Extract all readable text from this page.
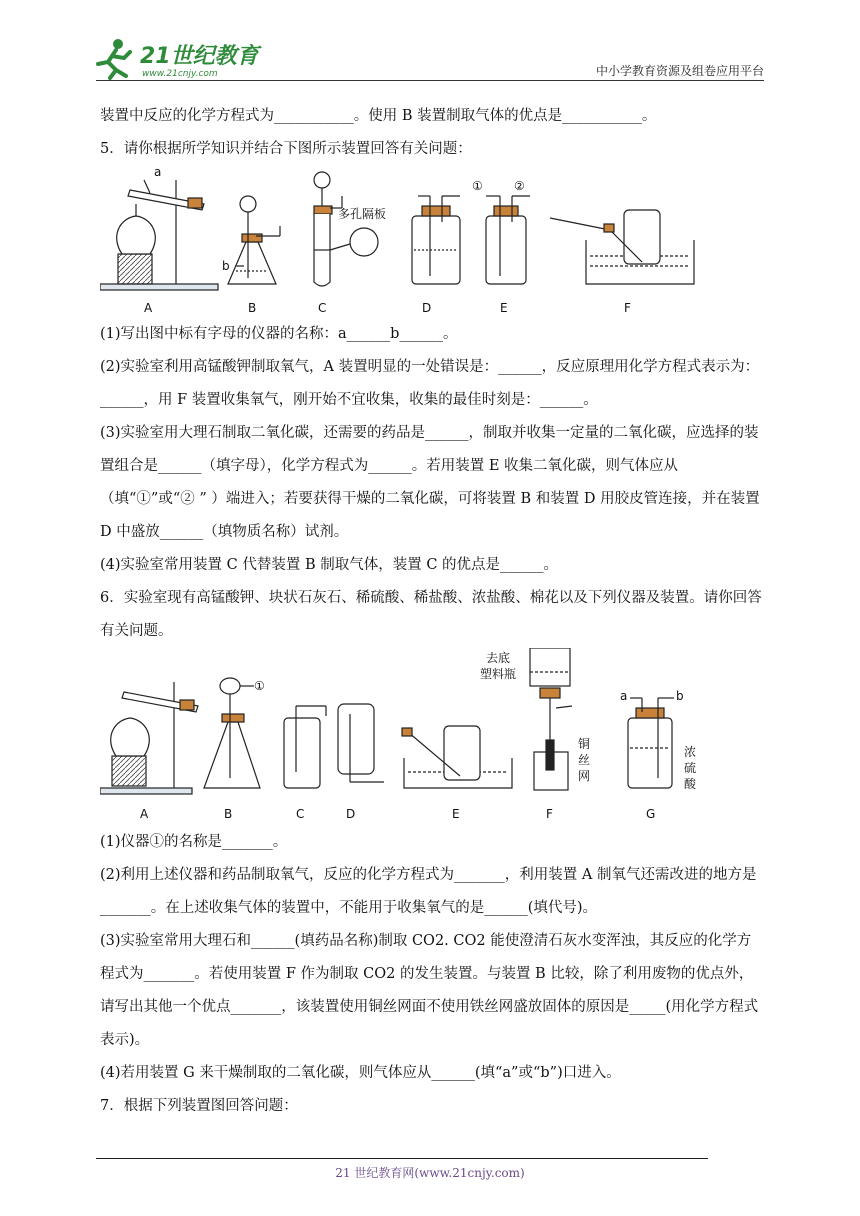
21世纪教育
www.21cnjy.com	中小学教育资源及组卷应用平台

装置中反应的化学方程式为___________。使用 B 装置制取气体的优点是___________。

5．请你根据所学知识并结合下图所示装置回答有关问题：

a
b
多孔隔板
①	②
A	B	C	D	E	F

(1)写出图中标有字母的仪器的名称：a______b______。

(2)实验室利用高锰酸钾制取氧气，A 装置明显的一处错误是：______，反应原理用化学方程式表示为：______，用 F 装置收集氧气，刚开始不宜收集，收集的最佳时刻是：______。

(3)实验室用大理石制取二氧化碳，还需要的药品是______，制取并收集一定量的二氧化碳，应选择的装置组合是______（填字母），化学方程式为______。若用装置 E 收集二氧化碳，则气体应从（填“①”或“② ” ）端进入；若要获得干燥的二氧化碳，可将装置 B 和装置 D 用胶皮管连接，并在装置 D 中盛放______（填物质名称）试剂。

(4)实验室常用装置 C 代替装置 B 制取气体，装置 C 的优点是______。

6．实验室现有高锰酸钾、块状石灰石、稀硫酸、稀盐酸、浓盐酸、棉花以及下列仪器及装置。请你回答有关问题。

①
去底
塑料瓶
铜
丝
网
浓
硫
酸
a	b
A	B	C	D	E	F	G

(1)仪器①的名称是_______。

(2)利用上述仪器和药品制取氧气，反应的化学方程式为_______，利用装置 A 制氧气还需改进的地方是_______。在上述收集气体的装置中，不能用于收集氧气的是______(填代号)。

(3)实验室常用大理石和______(填药品名称)制取 CO2. CO2 能使澄清石灰水变浑浊，其反应的化学方程式为_______。若使用装置 F 作为制取 CO2 的发生装置。与装置 B 比较，除了利用废物的优点外，请写出其他一个优点_______，该装置使用铜丝网面不使用铁丝网盛放固体的原因是_____(用化学方程式表示)。

(4)若用装置 G 来干燥制取的二氧化碳，则气体应从______(填“a”或“b”)口进入。

7．根据下列装置图回答问题：

21 世纪教育网(www.21cnjy.com)
